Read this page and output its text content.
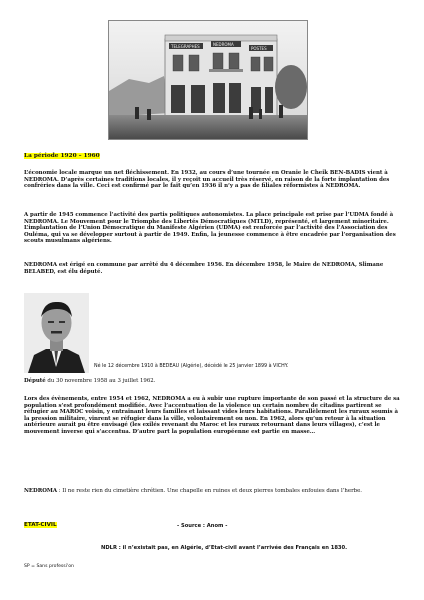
TELEGRAPHES	NEDROMA
POSTES
La période 1920 – 1960

L’économie locale marque un net fléchissement. En 1932, au cours d’une tournée en Oranie le Cheik BEN-BADIS vient à NEDROMA. D’après certaines traditions locales, il y reçoit un accueil très réservé, en raison de la forte implantation des confréries dans la ville. Ceci est confirmé par le fait qu’en 1936 il n’y a pas de filiales réformistes à NEDROMA.

A partir de 1945 commence l’activité des partis politiques autonomistes. La place principale est prise par l’UDMA fondé à NEDROMA. Le Mouvement pour le Triomphe des Libertés Démocratiques (MTLD), représenté, et largement minoritaire. L’implantation de l’Union Démocratique du Manifeste Algérien (UDMA) est renforcée par l’activité des l’Association des Ouléma, qui va se développer surtout à partir de 1949. Enfin, la jeunesse commence à être encadrée par l’organisation des scouts musulmans algériens.

NEDROMA est érigé en commune par arrêté du 4 décembre 1956. En décembre 1958, le Maire de NEDROMA, Slimane BELABED, est élu député.

Né le 12 décembre 1910 à BEDEAU (Algérie), décédé le 25 janvier 1899 à VICHY.

Député du 30 novembre 1958 au 3 juillet 1962.

Lors des évènements, entre 1954 et 1962, NEDROMA a eu à subir une rupture importante de son passé et la structure de sa population s’est profondément modifiée. Avec l’accentuation de la violence un certain nombre de citadins partirent se réfugier au MAROC voisin, y entraînant leurs familles et laissant vides leurs habitations. Parallèlement les ruraux soumis à la pression militaire, vinrent se réfugier dans la ville, volontairement ou non. En 1962, alors qu’un retour à la situation antérieure aurait pu être envisagé (les exilés revenant du Maroc et les ruraux retournant dans leurs villages), c’est le mouvement inverse qui s’accentua. D’autre part la population européenne est partie en masse…

NEDROMA : Il ne reste rien du cimetière chrétien. Une chapelle en ruines et deux pierres tombales enfouies dans l’herbe.

ETAT-CIVIL	- Source : Anom -
NDLR : il n’existait pas, en Algérie, d’Etat-civil avant l’arrivée des Français en 1830.
SP = Sans professi'on
